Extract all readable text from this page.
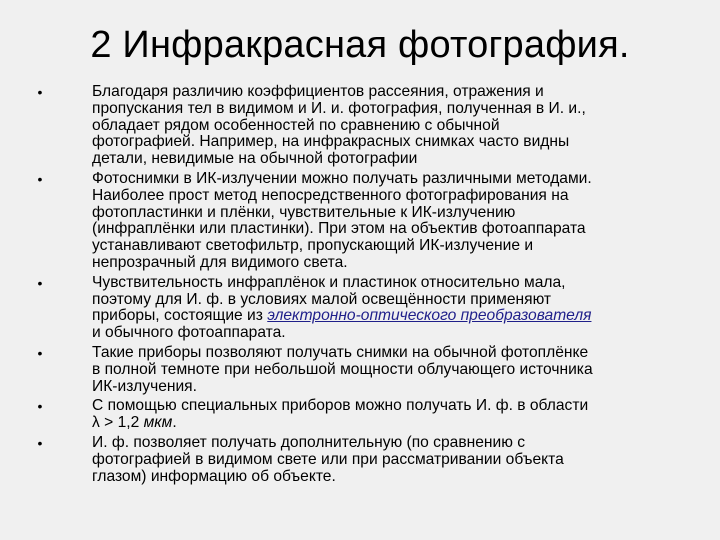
2 Инфракрасная фотография.
•	Благодаря различию коэффициентов рассеяния, отражения и
пропускания тел в видимом и И. и. фотография, полученная в И. и.,
обладает рядом особенностей по сравнению с обычной
фотографией. Например, на инфракрасных снимках часто видны
детали, невидимые на обычной фотографии
•	Фотоснимки в ИК-излучении можно получать различными методами.
Наиболее прост метод непосредственного фотографирования на
фотопластинки и плёнки, чувствительные к ИК-излучению
(инфраплёнки или пластинки). При этом на объектив фотоаппарата
устанавливают светофильтр, пропускающий ИК-излучение и
непрозрачный для видимого света.
•	Чувствительность инфраплёнок и пластинок относительно мала,
поэтому для И. ф. в условиях малой освещённости применяют
приборы, состоящие из электронно-оптического преобразователя
и обычного фотоаппарата.
•	Такие приборы позволяют получать снимки на обычной фотоплёнке
в полной темноте при небольшой мощности облучающего источника
ИК-излучения.
•	С помощью специальных приборов можно получать И. ф. в области
λ > 1,2 мкм.
•	И. ф. позволяет получать дополнительную (по сравнению с
фотографией в видимом свете или при рассматривании объекта
глазом) информацию об объекте.
